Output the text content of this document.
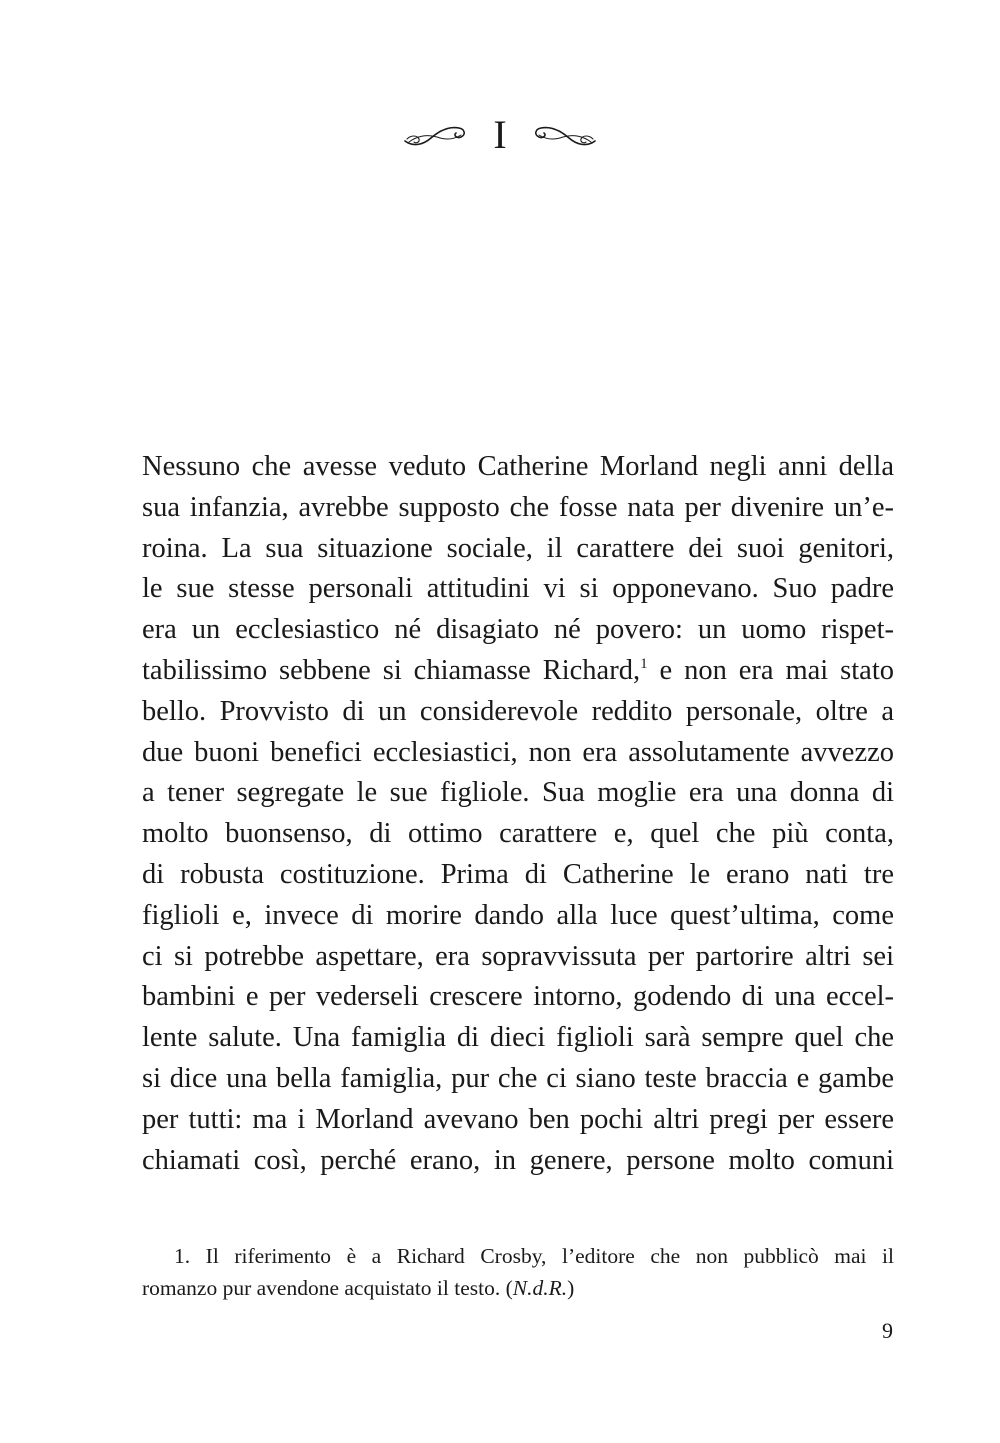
I
Nessuno che avesse veduto Catherine Morland negli anni della
sua infanzia, avrebbe supposto che fosse nata per divenire un’e-
roina. La sua situazione sociale, il carattere dei suoi genitori,
le sue stesse personali attitudini vi si opponevano. Suo padre
era un ecclesiastico né disagiato né povero: un uomo rispet-
tabilissimo sebbene si chiamasse Richard,$^1$ e non era mai stato
bello. Provvisto di un considerevole reddito personale, oltre a
due buoni benefici ecclesiastici, non era assolutamente avvezzo
a tener segregate le sue figliole. Sua moglie era una donna di
molto buonsenso, di ottimo carattere e, quel che più conta,
di robusta costituzione. Prima di Catherine le erano nati tre
figlioli e, invece di morire dando alla luce quest’ultima, come
ci si potrebbe aspettare, era sopravvissuta per partorire altri sei
bambini e per vederseli crescere intorno, godendo di una eccel-
lente salute. Una famiglia di dieci figlioli sarà sempre quel che
si dice una bella famiglia, pur che ci siano teste braccia e gambe
per tutti: ma i Morland avevano ben pochi altri pregi per essere
chiamati così, perché erano, in genere, persone molto comuni
1. Il riferimento è a Richard Crosby, l’editore che non pubblicò mai il
romanzo pur avendone acquistato il testo. (N.d.R.)
9
